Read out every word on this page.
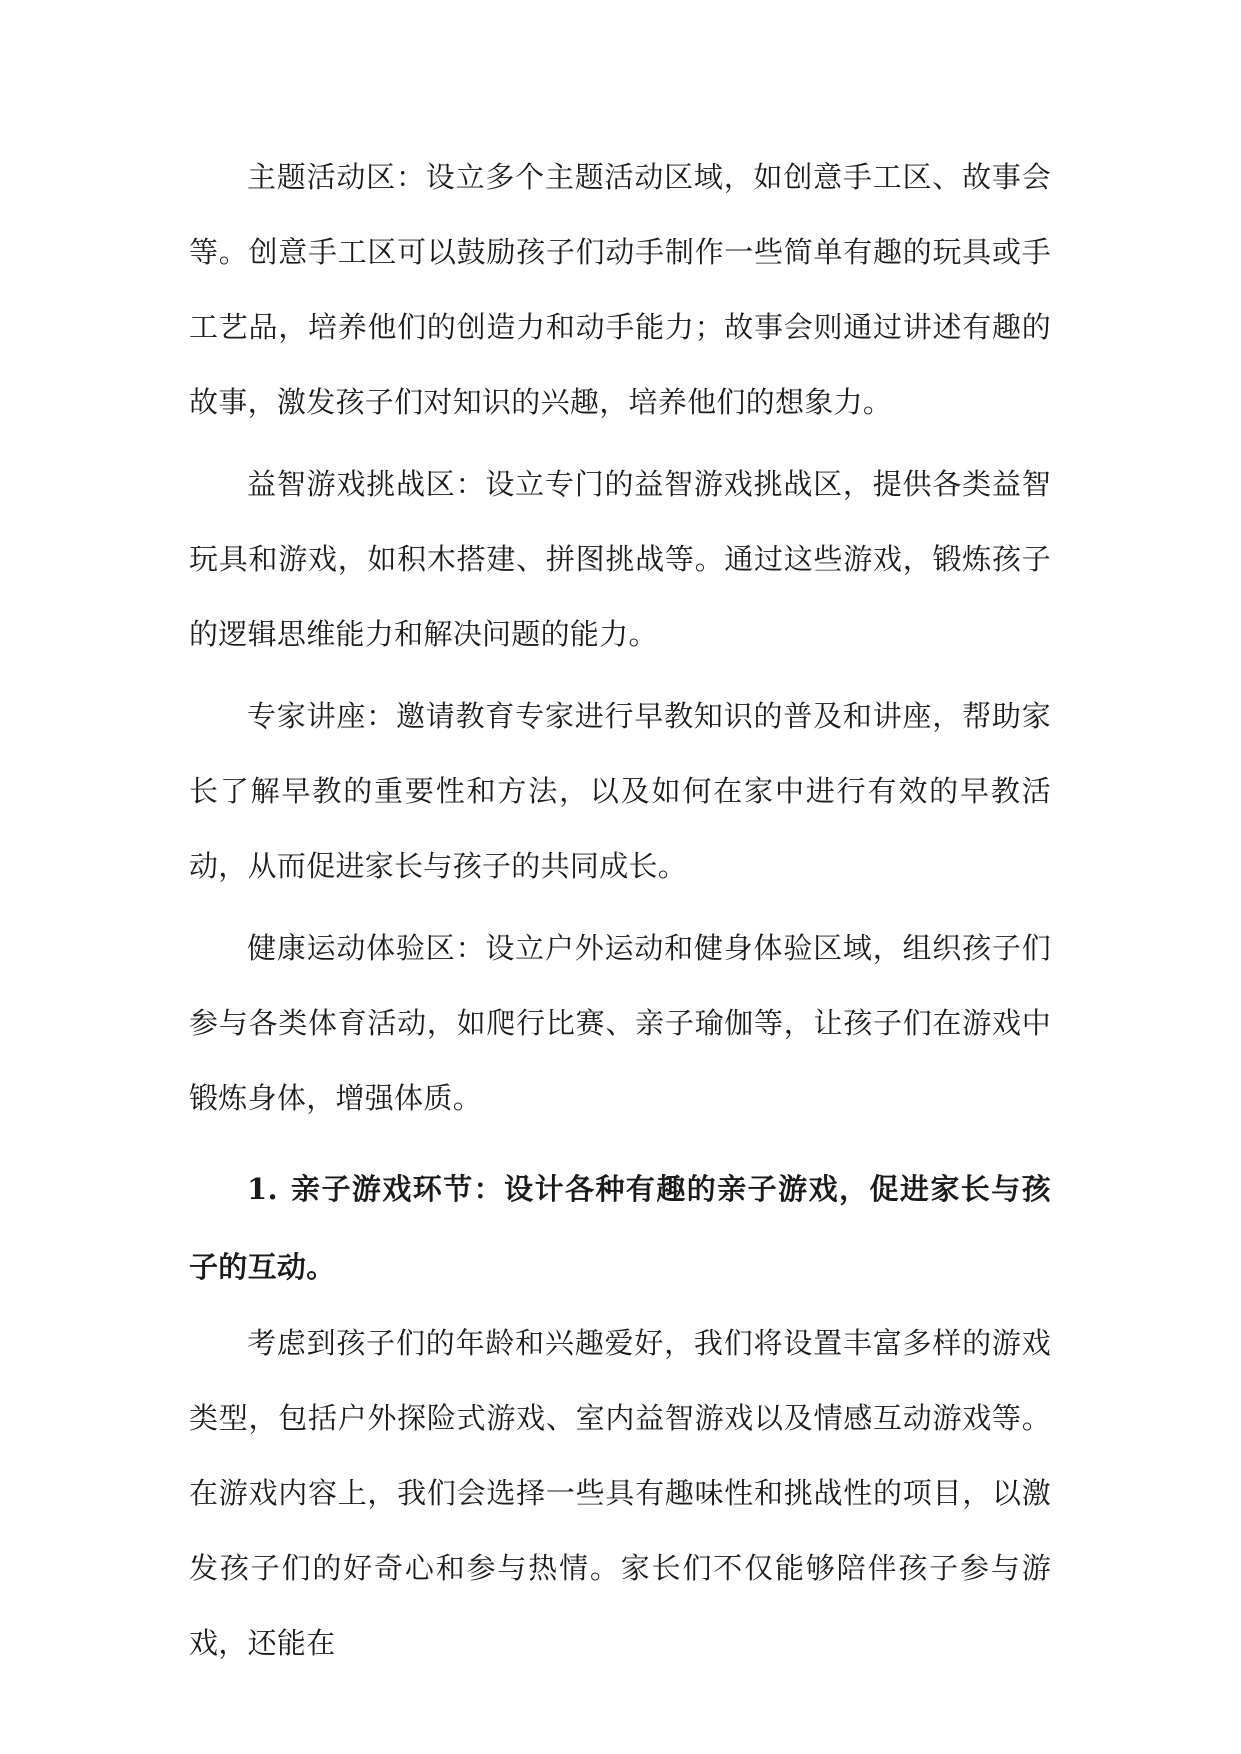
主题活动区：设立多个主题活动区域，如创意手工区、故事会等。创意手工区可以鼓励孩子们动手制作一些简单有趣的玩具或手工艺品，培养他们的创造力和动手能力；故事会则通过讲述有趣的故事，激发孩子们对知识的兴趣，培养他们的想象力。

益智游戏挑战区：设立专门的益智游戏挑战区，提供各类益智玩具和游戏，如积木搭建、拼图挑战等。通过这些游戏，锻炼孩子的逻辑思维能力和解决问题的能力。

专家讲座：邀请教育专家进行早教知识的普及和讲座，帮助家长了解早教的重要性和方法，以及如何在家中进行有效的早教活动，从而促进家长与孩子的共同成长。

健康运动体验区：设立户外运动和健身体验区域，组织孩子们参与各类体育活动，如爬行比赛、亲子瑜伽等，让孩子们在游戏中锻炼身体，增强体质。

1. 亲子游戏环节：设计各种有趣的亲子游戏，促进家长与孩子的互动。

考虑到孩子们的年龄和兴趣爱好，我们将设置丰富多样的游戏类型，包括户外探险式游戏、室内益智游戏以及情感互动游戏等。在游戏内容上，我们会选择一些具有趣味性和挑战性的项目，以激发孩子们的好奇心和参与热情。家长们不仅能够陪伴孩子参与游戏，还能在
